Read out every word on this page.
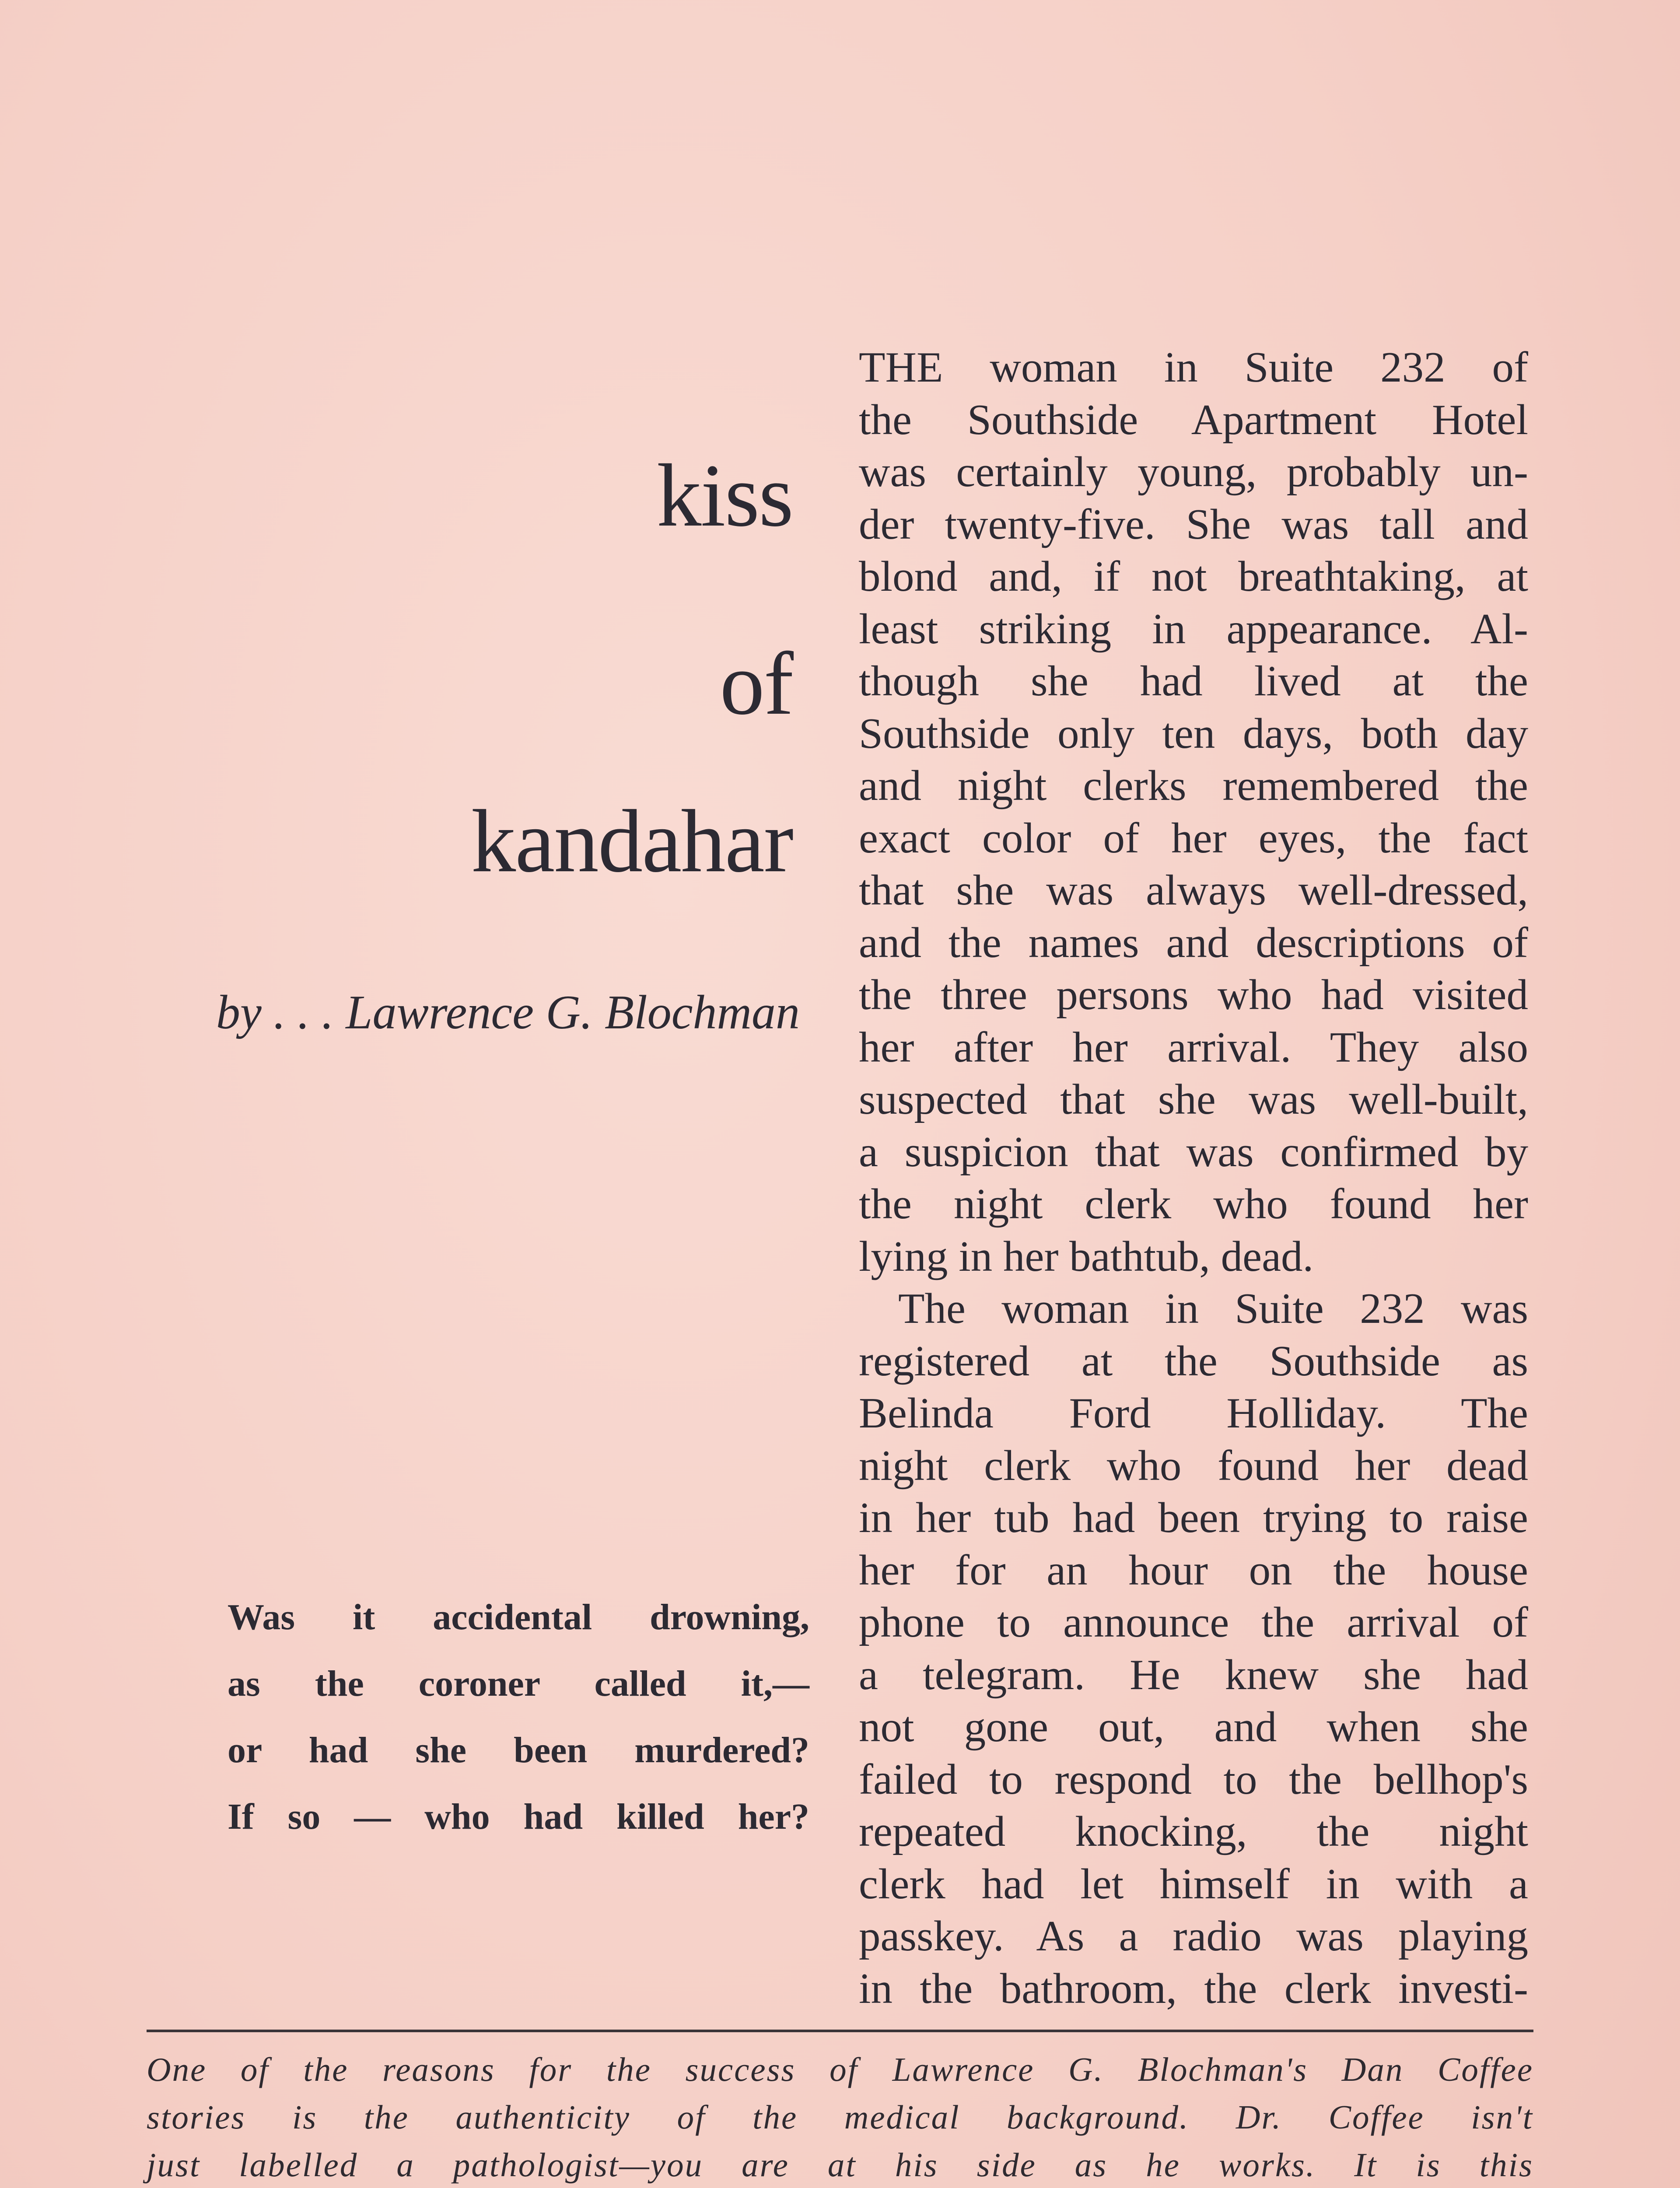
kiss
of
kandahar
by . . . Lawrence G. Blochman
Was it accidental drowning,
as the coroner called it,—
or had she been murdered?
If so — who had killed her?
THE woman in Suite 232 of
the Southside Apartment Hotel
was certainly young, probably un-
der twenty-five. She was tall and
blond and, if not breathtaking, at
least striking in appearance. Al-
though she had lived at the
Southside only ten days, both day
and night clerks remembered the
exact color of her eyes, the fact
that she was always well-dressed,
and the names and descriptions of
the three persons who had visited
her after her arrival. They also
suspected that she was well-built,
a suspicion that was confirmed by
the night clerk who found her
lying in her bathtub, dead.
The woman in Suite 232 was
registered at the Southside as
Belinda Ford Holliday. The
night clerk who found her dead
in her tub had been trying to raise
her for an hour on the house
phone to announce the arrival of
a telegram. He knew she had
not gone out, and when she
failed to respond to the bellhop's
repeated knocking, the night
clerk had let himself in with a
passkey. As a radio was playing
in the bathroom, the clerk investi-
One of the reasons for the success of Lawrence G. Blochman's Dan Coffee
stories is the authenticity of the medical background. Dr. Coffee isn't
just labelled a pathologist—you are at his side as he works. It is this
